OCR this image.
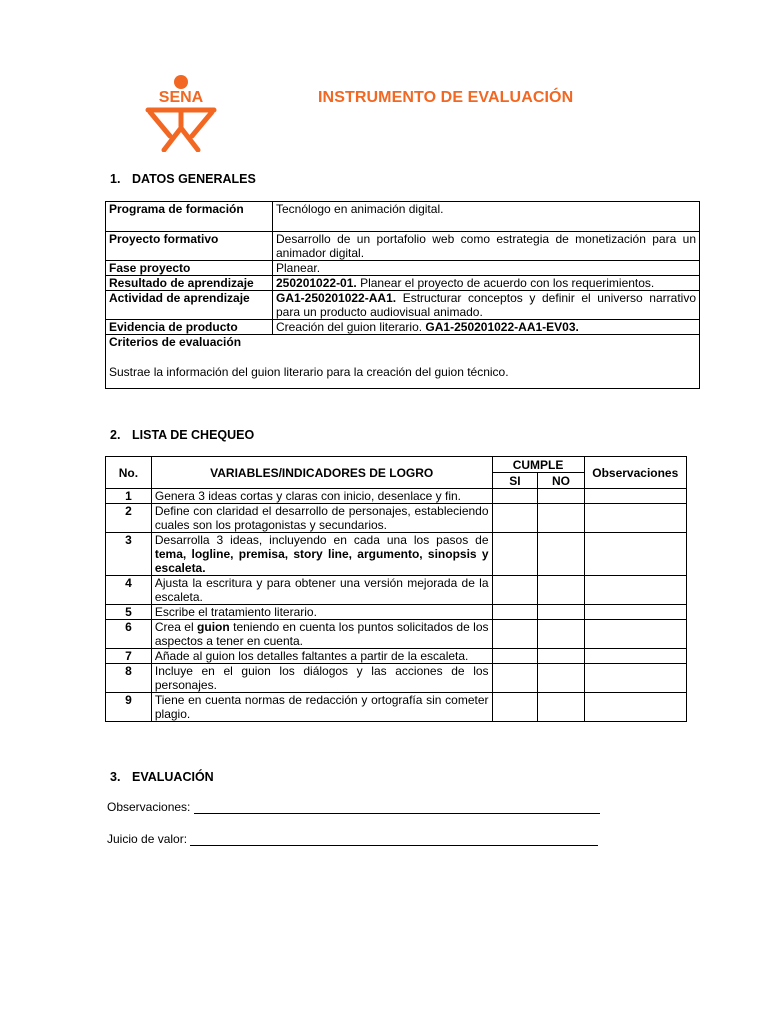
SENA	INSTRUMENTO DE EVALUACIÓN
1. DATOS GENERALES
Programa de formación	Tecnólogo en animación digital.
Proyecto formativo	Desarrollo de un portafolio web como estrategia de monetización para un animador digital.
Fase proyecto	Planear.
Resultado de aprendizaje	250201022-01. Planear el proyecto de acuerdo con los requerimientos.
Actividad de aprendizaje	GA1-250201022-AA1. Estructurar conceptos y definir el universo narrativo para un producto audiovisual animado.
Evidencia de producto	Creación del guion literario. GA1-250201022-AA1-EV03.

Criterios de evaluación
Sustrae la información del guion literario para la creación del guion técnico.	
2. LISTA DE CHEQUEO
No.	VARIABLES/INDICADORES DE LOGRO	CUMPLE		Observaciones
		SI	NO	
1	Genera 3 ideas cortas y claras con inicio, desenlace y fin.			
2	Define con claridad el desarrollo de personajes, estableciendo cuales son los protagonistas y secundarios.			
3	Desarrolla 3 ideas, incluyendo en cada una los pasos de tema, logline, premisa, story line, argumento, sinopsis y escaleta.			
4	Ajusta la escritura y para obtener una versión mejorada de la escaleta.			
5	Escribe el tratamiento literario.			
6	Crea el guion teniendo en cuenta los puntos solicitados de los aspectos a tener en cuenta.			
7	Añade al guion los detalles faltantes a partir de la escaleta.			
8	Incluye en el guion los diálogos y las acciones de los personajes.			
9	Tiene en cuenta normas de redacción y ortografía sin cometer plagio.			
3. EVALUACIÓN
Observaciones:
Juicio de valor:
